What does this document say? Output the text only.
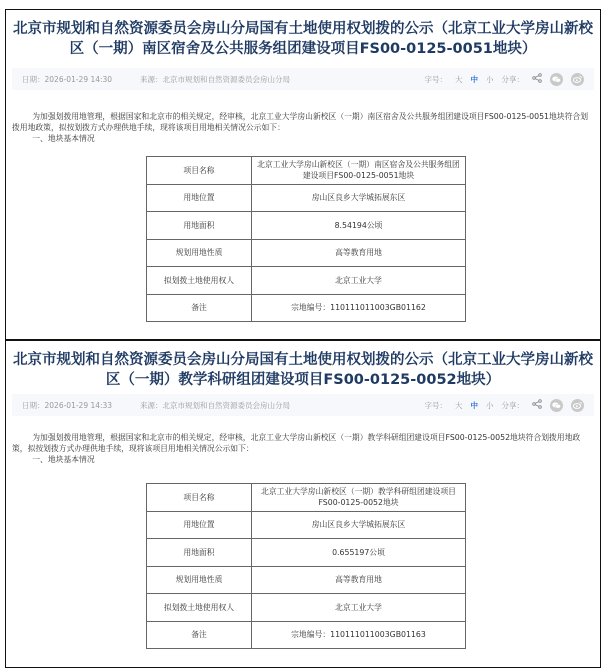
北京市规划和自然资源委员会房山分局国有土地使用权划拨的公示（北京工业大学房山新校区（一期）南区宿舍及公共服务组团建设项目FS00-0125-0051地块）
日期：2026-01-29 14:30	来源：北京市规划和自然资源委员会房山分局	字号： 大 中 小 分享：

为加强划拨用地管理，根据国家和北京市的相关规定，经审核，北京工业大学房山新校区（一期）南区宿舍及公共服务组团建设项目FS00-0125-0051地块符合划拨用地政策，拟按划拨方式办理供地手续，现将该项目用地相关情况公示如下：

一、地块基本情况

项目名称	北京工业大学房山新校区（一期）南区宿舍及公共服务组团建设项目FS00-0125-0051地块
用地位置	房山区良乡大学城拓展东区
用地面积	8.54194公顷
规划用地性质	高等教育用地
拟划拨土地使用权人	北京工业大学
备注	宗地编号：110111011003GB01162
北京市规划和自然资源委员会房山分局国有土地使用权划拨的公示（北京工业大学房山新校区（一期）教学科研组团建设项目FS00-0125-0052地块）
日期：2026-01-29 14:33	来源：北京市规划和自然资源委员会房山分局	字号： 大 中 小 分享：

为加强划拨用地管理，根据国家和北京市的相关规定，经审核，北京工业大学房山新校区（一期）教学科研组团建设项目FS00-0125-0052地块符合划拨用地政策，拟按划拨方式办理供地手续，现将该项目用地相关情况公示如下：

一、地块基本情况

项目名称	北京工业大学房山新校区（一期）教学科研组团建设项目FS00-0125-0052地块
用地位置	房山区良乡大学城拓展东区
用地面积	0.655197公顷
规划用地性质	高等教育用地
拟划拨土地使用权人	北京工业大学
备注	宗地编号：110111011003GB01163
